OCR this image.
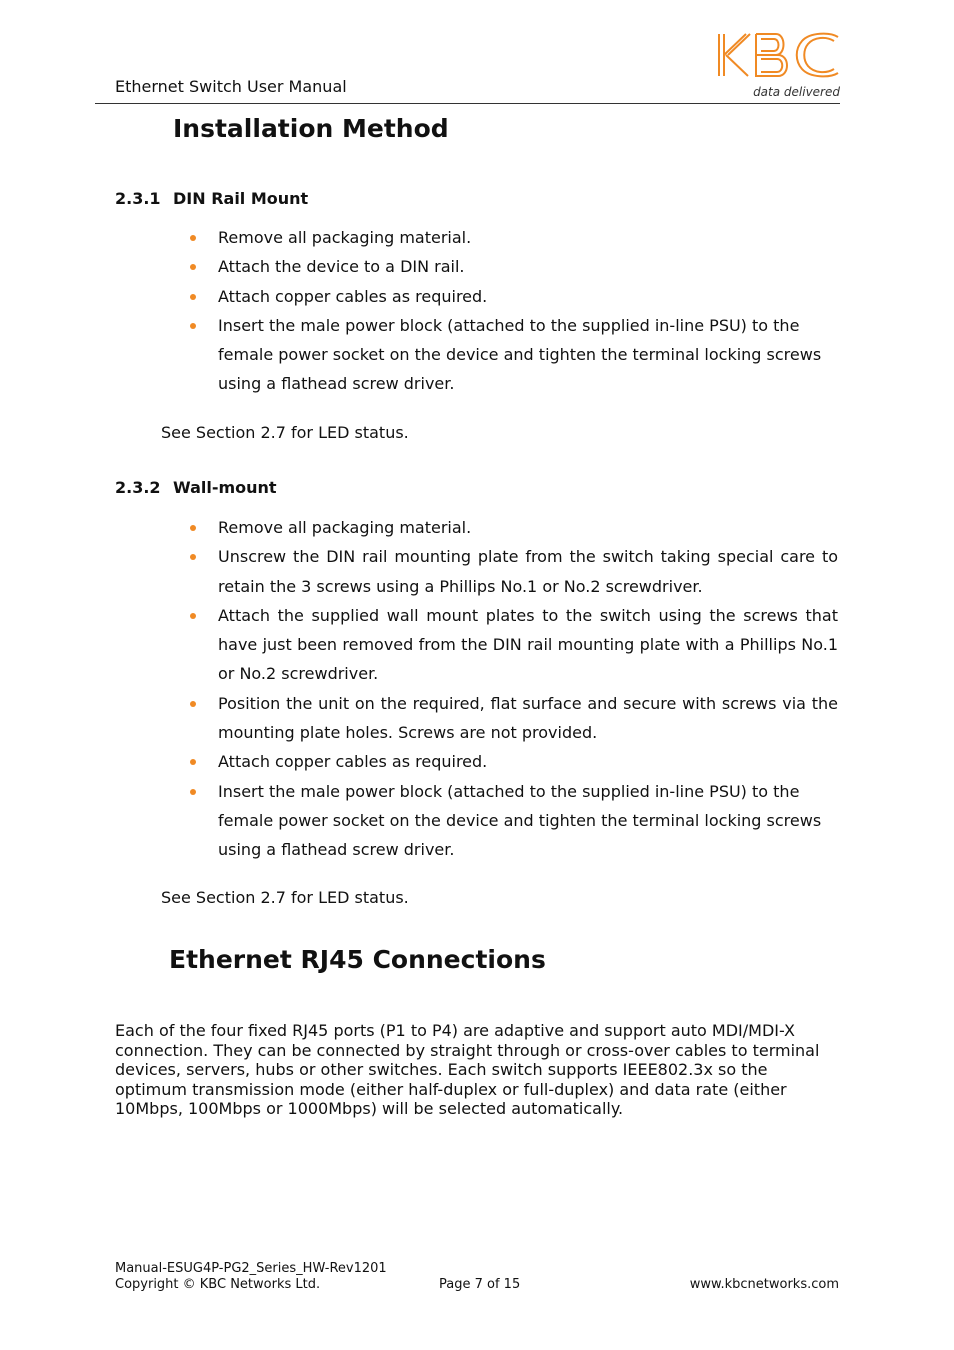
Ethernet Switch User Manual	data delivered
Installation Method
2.3.1 DIN Rail Mount
Remove all packaging material.
Attach the device to a DIN rail.
Attach copper cables as required.
Insert the male power block (attached to the supplied in-line PSU) to the female power socket on the device and tighten the terminal locking screws using a flathead screw driver.
See Section 2.7 for LED status.
2.3.2 Wall-mount
Remove all packaging material.
Unscrew the DIN rail mounting plate from the switch taking special care to retain the 3 screws using a Phillips No.1 or No.2 screwdriver.
Attach the supplied wall mount plates to the switch using the screws that have just been removed from the DIN rail mounting plate with a Phillips No.1 or No.2 screwdriver.
Position the unit on the required, flat surface and secure with screws via the mounting plate holes. Screws are not provided.
Attach copper cables as required.
Insert the male power block (attached to the supplied in-line PSU) to the female power socket on the device and tighten the terminal locking screws using a flathead screw driver.
See Section 2.7 for LED status.
Ethernet RJ45 Connections
Each of the four fixed RJ45 ports (P1 to P4) are adaptive and support auto MDI/MDI-X connection. They can be connected by straight through or cross-over cables to terminal devices, servers, hubs or other switches. Each switch supports IEEE802.3x so the optimum transmission mode (either half-duplex or full-duplex) and data rate (either 10Mbps, 100Mbps or 1000Mbps) will be selected automatically.
Manual-ESUG4P-PG2_Series_HW-Rev1201
Copyright © KBC Networks Ltd.	Page 7 of 15	www.kbcnetworks.com
